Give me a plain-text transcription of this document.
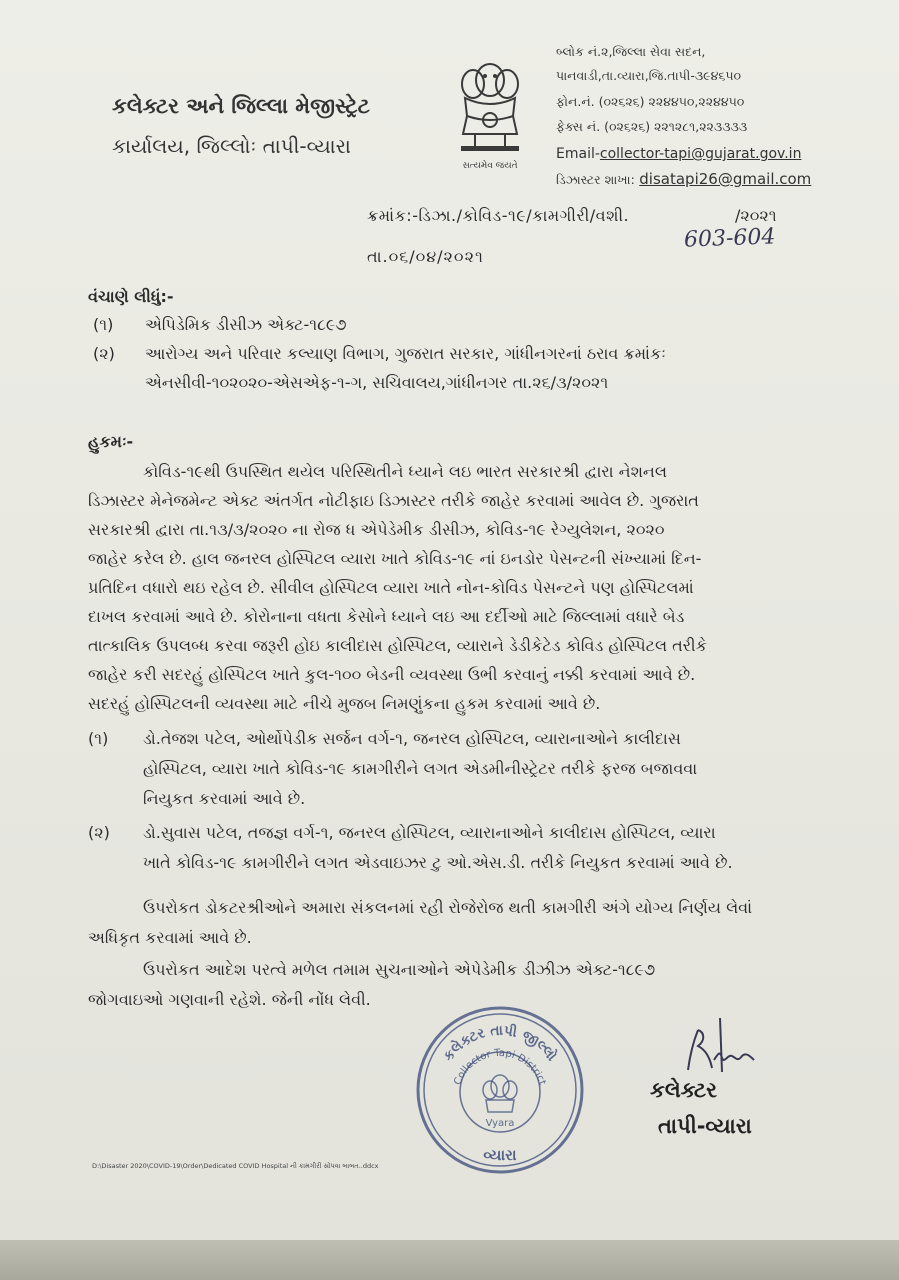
કલેક્ટર અને જિલ્લા મેજીસ્ટ્રેટ
કાર્યાલય, જિલ્લોઃ તાપી-વ્યારા
સત્યમેવ જયતે
બ્લોક નં.૨,જિલ્લા સેવા સદન,
પાનવાડી,તા.વ્યારા,જિ.તાપી-૩૯૪૬૫૦
ફોન.નં. (૦૨૬૨૬) ૨૨૪૪૫૦,૨૨૪૪૫૦
ફેક્સ નં. (૦૨૬૨૬) ૨૨૧૨૮૧,૨૨૩૩૩૩
Email-collector-tapi@gujarat.gov.in
ડિઝાસ્ટર શાખા: disatapi26@gmail.com
ક્રમાંક:-ડિઝા./કોવિડ-૧૯/કામગીરી/વશી.	/૨૦૨૧
603-604
તા.૦૬/૦૪/૨૦૨૧
વંચાણે લીધું:-
(૧) એપિડેમિક ડીસીઝ એક્ટ-૧૮૯૭
(૨) આરોગ્ય અને પરિવાર કલ્યાણ વિભાગ, ગુજરાત સરકાર, ગાંધીનગરનાં ઠરાવ ક્રમાંકઃ
એનસીવી-૧૦૨૦૨૦-એસએફ-૧-ગ, સચિવાલય,ગાંધીનગર તા.૨૬/૩/૨૦૨૧
હુકમઃ-
કોવિડ-૧૯થી ઉપસ્થિત થયેલ પરિસ્થિતીને ધ્યાને લઇ ભારત સરકારશ્રી દ્વારા નેશનલ
ડિઝાસ્ટર મેનેજમેન્ટ એક્ટ અંતર્ગત નોટીફાઇ ડિઝાસ્ટર તરીકે જાહેર કરવામાં આવેલ છે. ગુજરાત
સરકારશ્રી દ્વારા તા.૧૩/૩/૨૦૨૦ ના રોજ ધ એપેડેમીક ડીસીઝ, કોવિડ-૧૯ રેગ્યુલેશન, ૨૦૨૦
જાહેર કરેલ છે. હાલ જનરલ હોસ્પિટલ વ્યારા ખાતે કોવિડ-૧૯ નાં ઇનડોર પેસન્ટની સંખ્યામાં દિન-
પ્રતિદિન વધારો થઇ રહેલ છે. સીવીલ હોસ્પિટલ વ્યારા ખાતે નોન-કોવિડ પેસન્ટને પણ હોસ્પિટલમાં
દાખલ કરવામાં આવે છે. કોરોનાના વધતા કેસોને ધ્યાને લઇ આ દર્દીઓ માટે જિલ્લામાં વધારે બેડ
તાત્કાલિક ઉપલબ્ધ કરવા જરૂરી હોઇ કાલીદાસ હોસ્પિટલ, વ્યારાને ડેડીકેટેડ કોવિડ હોસ્પિટલ તરીકે
જાહેર કરી સદરહું હોસ્પિટલ ખાતે કુલ-૧૦૦ બેડની વ્યવસ્થા ઉભી કરવાનું નક્કી કરવામાં આવે છે.
સદરહું હોસ્પિટલની વ્યવસ્થા માટે નીચે મુજબ નિમણુંકના હુકમ કરવામાં આવે છે.
(૧) ડો.તેજશ પટેલ, ઓર્થોપેડીક સર્જન વર્ગ-૧, જનરલ હોસ્પિટલ, વ્યારાનાઓને કાલીદાસ
હોસ્પિટલ, વ્યારા ખાતે કોવિડ-૧૯ કામગીરીને લગત એડમીનીસ્ટ્રેટર તરીકે ફરજ બજાવવા
નિયુકત કરવામાં આવે છે.
(૨) ડો.સુવાસ પટેલ, તજજ્ઞ વર્ગ-૧, જનરલ હોસ્પિટલ, વ્યારાનાઓને કાલીદાસ હોસ્પિટલ, વ્યારા
ખાતે કોવિડ-૧૯ કામગીરીને લગત એડવાઇઝર ટુ ઓ.એસ.ડી. તરીકે નિયુકત કરવામાં આવે છે.
ઉપરોકત ડોકટરશ્રીઓને અમારા સંકલનમાં રહી રોજેરોજ થતી કામગીરી અંગે યોગ્ય નિર્ણય લેવાં
અધિકૃત કરવામાં આવે છે.
ઉપરોકત આદેશ પરત્વે મળેલ તમામ સુચનાઓને એપેડેમીક ડીઝીઝ એક્ટ-૧૮૯૭
જોગવાઇઓ ગણવાની રહેશે. જેની નોંધ લેવી.
કલેક્ટર તાપી જીલ્લો
Collector Tapi District
Vyara
વ્યારા
કલેક્ટર
તાપી-વ્યારા
D:\Disaster 2020\COVID-19\Order\Dedicated COVID Hospital ની કામગીરી સોંપવા બાબત..ddcx
